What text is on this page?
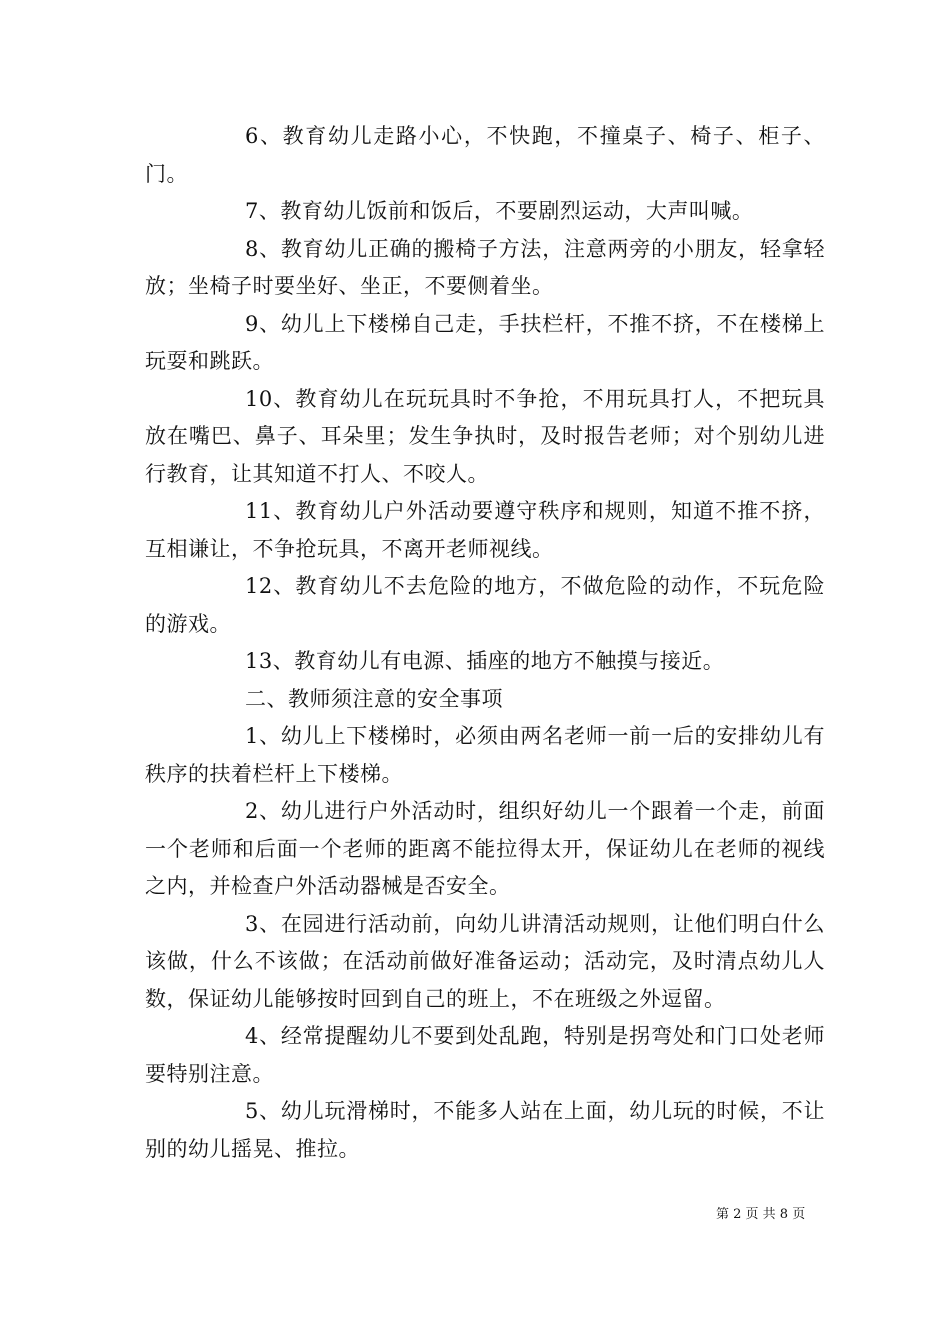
6、教育幼儿走路小心，不快跑，不撞桌子、椅子、柜子、门。

7、教育幼儿饭前和饭后，不要剧烈运动，大声叫喊。

8、教育幼儿正确的搬椅子方法，注意两旁的小朋友，轻拿轻放；坐椅子时要坐好、坐正，不要侧着坐。

9、幼儿上下楼梯自己走，手扶栏杆，不推不挤，不在楼梯上玩耍和跳跃。

10、教育幼儿在玩玩具时不争抢，不用玩具打人，不把玩具放在嘴巴、鼻子、耳朵里；发生争执时，及时报告老师；对个别幼儿进行教育，让其知道不打人、不咬人。

11、教育幼儿户外活动要遵守秩序和规则，知道不推不挤，互相谦让，不争抢玩具，不离开老师视线。

12、教育幼儿不去危险的地方，不做危险的动作，不玩危险的游戏。

13、教育幼儿有电源、插座的地方不触摸与接近。

二、教师须注意的安全事项

1、幼儿上下楼梯时，必须由两名老师一前一后的安排幼儿有秩序的扶着栏杆上下楼梯。

2、幼儿进行户外活动时，组织好幼儿一个跟着一个走，前面一个老师和后面一个老师的距离不能拉得太开，保证幼儿在老师的视线之内，并检查户外活动器械是否安全。

3、在园进行活动前，向幼儿讲清活动规则，让他们明白什么该做，什么不该做；在活动前做好准备运动；活动完，及时清点幼儿人数，保证幼儿能够按时回到自己的班上，不在班级之外逗留。

4、经常提醒幼儿不要到处乱跑，特别是拐弯处和门口处老师要特别注意。

5、幼儿玩滑梯时，不能多人站在上面，幼儿玩的时候，不让别的幼儿摇晃、推拉。

第 2 页 共 8 页
